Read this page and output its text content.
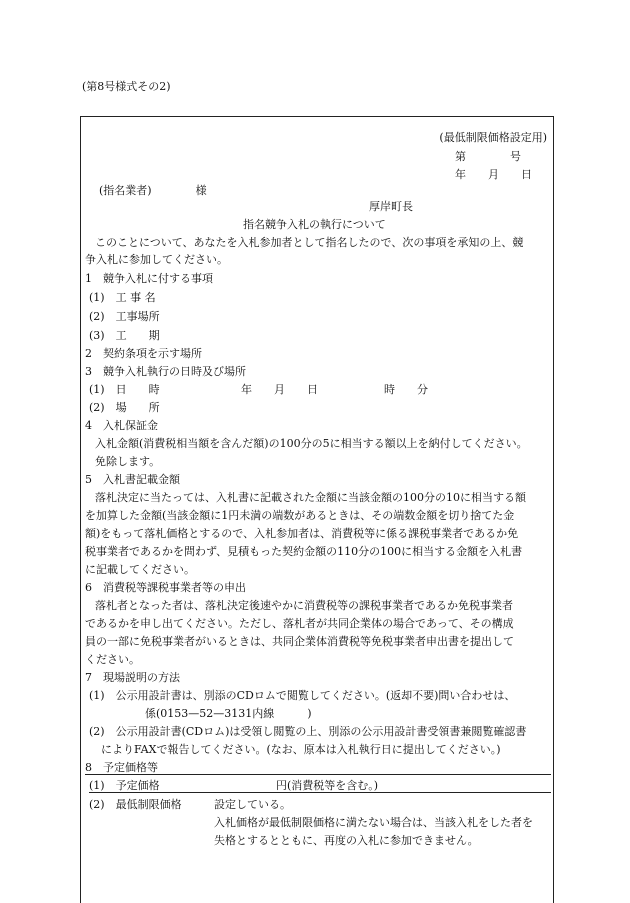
(第8号様式その2)
(最低制限価格設定用)
第　　　　号
年　　月　　日
(指名業者)　　　　様
厚岸町長
指名競争入札の執行について
このことについて、あなたを入札参加者として指名したので、次の事項を承知の上、競
争入札に参加してください。
1　競争入札に付する事項
(1)　工 事 名
(2)　工事場所
(3)　工　　期
2　契約条項を示す場所
3　競争入札執行の日時及び場所
(1)　日　　時	年　　月　　日　　　　　　時　　分
(2)　場　　所
4　入札保証金
入札金額(消費税相当額を含んだ額)の100分の5に相当する額以上を納付してください。
免除します。
5　入札書記載金額
落札決定に当たっては、入札書に記載された金額に当該金額の100分の10に相当する額
を加算した金額(当該金額に1円未満の端数があるときは、その端数金額を切り捨てた金
額)をもって落札価格とするので、入札参加者は、消費税等に係る課税事業者であるか免
税事業者であるかを問わず、見積もった契約金額の110分の100に相当する金額を入札書
に記載してください。
6　消費税等課税事業者等の申出
落札者となった者は、落札決定後速やかに消費税等の課税事業者であるか免税事業者
であるかを申し出てください。ただし、落札者が共同企業体の場合であって、その構成
員の一部に免税事業者がいるときは、共同企業体消費税等免税事業者申出書を提出して
ください。
7　現場説明の方法
(1)　公示用設計書は、別添のCDロムで閲覧してください。(返却不要)問い合わせは、
係(0153—52—3131内線　　　)
(2)　公示用設計書(CDロム)は受領し閲覧の上、別添の公示用設計書受領書兼閲覧確認書
によりFAXで報告してください。(なお、原本は入札執行日に提出してください。)
8　予定価格等
(1)　予定価格	円(消費税等を含む。)
(2)　最低制限価格	設定している。
入札価格が最低制限価格に満たない場合は、当該入札をした者を
失格とするとともに、再度の入札に参加できません。
